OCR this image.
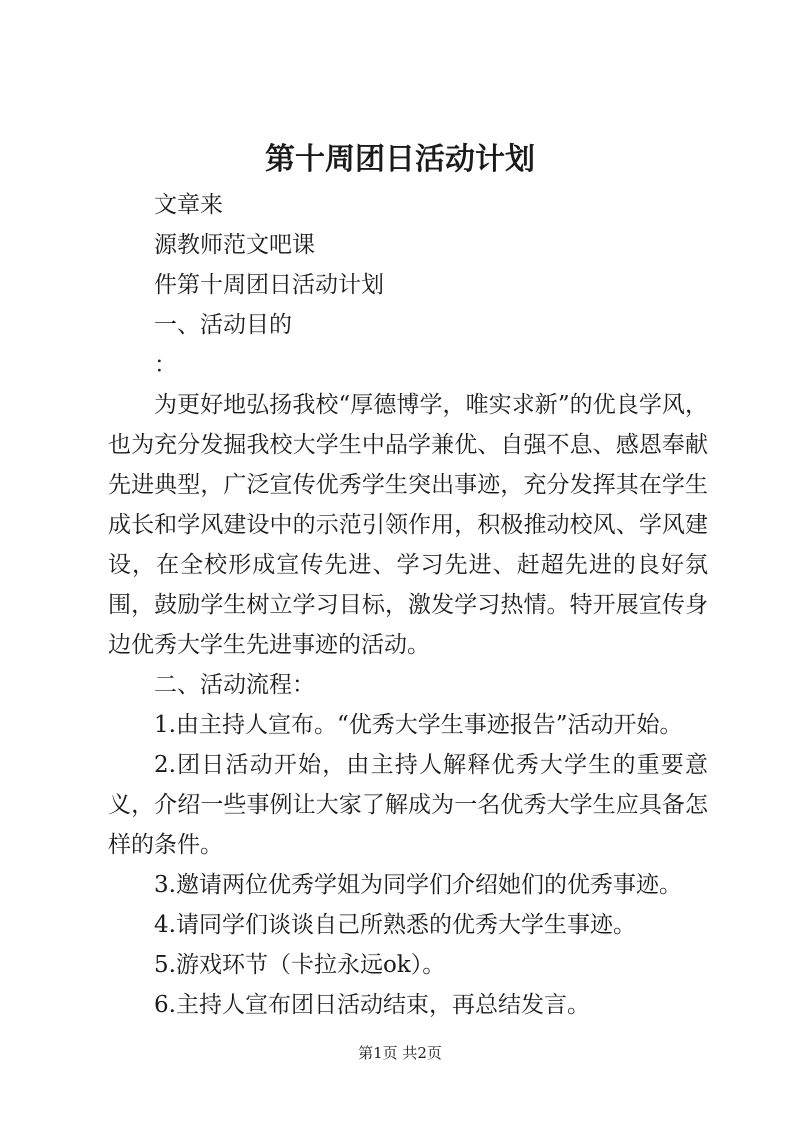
第十周团日活动计划

文章来

源教师范文吧课

件第十周团日活动计划

一、活动目的

：

为更好地弘扬我校“厚德博学，唯实求新”的优良学风，也为充分发掘我校大学生中品学兼优、自强不息、感恩奉献先进典型，广泛宣传优秀学生突出事迹，充分发挥其在学生成长和学风建设中的示范引领作用，积极推动校风、学风建设，在全校形成宣传先进、学习先进、赶超先进的良好氛围，鼓励学生树立学习目标，激发学习热情。特开展宣传身边优秀大学生先进事迹的活动。

二、活动流程：

1.由主持人宣布。“优秀大学生事迹报告”活动开始。

2.团日活动开始，由主持人解释优秀大学生的重要意义，介绍一些事例让大家了解成为一名优秀大学生应具备怎样的条件。

3.邀请两位优秀学姐为同学们介绍她们的优秀事迹。

4.请同学们谈谈自己所熟悉的优秀大学生事迹。

5.游戏环节（卡拉永远ok）。

6.主持人宣布团日活动结束，再总结发言。

第1页 共2页
